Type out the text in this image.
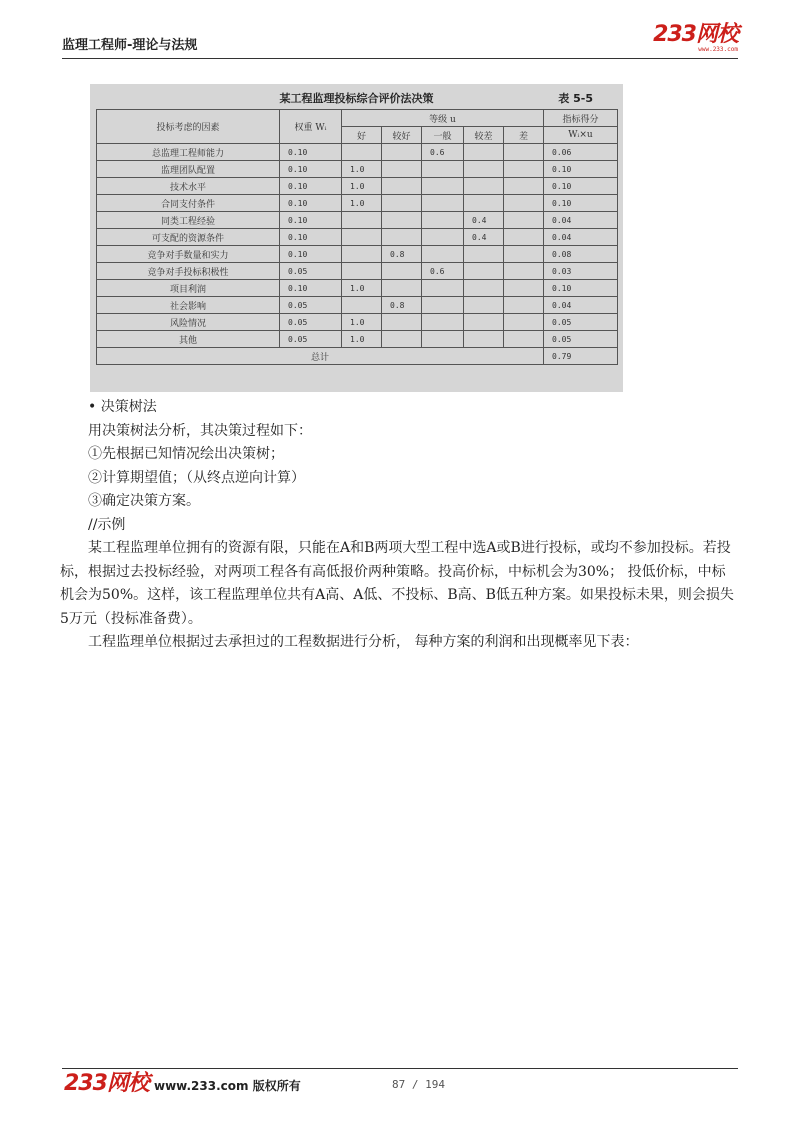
监理工程师-理论与法规	233网校
www.233.com
某工程监理投标综合评价法决策	表 5-5
投标考虑的因素	权重 Wᵢ	等级 u					指标得分
		好	较好	一般	较差	差	Wᵢ×u
总监理工程师能力	0.10			0.6			0.06
监理团队配置	0.10	1.0					0.10
技术水平	0.10	1.0					0.10
合同支付条件	0.10	1.0					0.10
同类工程经验	0.10				0.4		0.04
可支配的资源条件	0.10				0.4		0.04
竞争对手数量和实力	0.10		0.8				0.08
竞争对手投标积极性	0.05			0.6			0.03
项目利润	0.10	1.0					0.10
社会影响	0.05		0.8				0.04
风险情况	0.05	1.0					0.05
其他	0.05	1.0					0.05
总计							0.79

• 决策树法

用决策树法分析，其决策过程如下：

①先根据已知情况绘出决策树；

②计算期望值；（从终点逆向计算）

③确定决策方案。

//示例

某工程监理单位拥有的资源有限，只能在A和B两项大型工程中选A或B进行投标，或均不参加投标。若投标，根据过去投标经验，对两项工程各有高低报价两种策略。投高价标，中标机会为30%； 投低价标，中标机会为50%。这样，该工程监理单位共有A高、A低、不投标、B高、B低五种方案。如果投标未果，则会损失5万元（投标准备费）。

工程监理单位根据过去承担过的工程数据进行分析， 每种方案的利润和出现概率见下表：

233网校 www.233.com 版权所有	87 / 194
